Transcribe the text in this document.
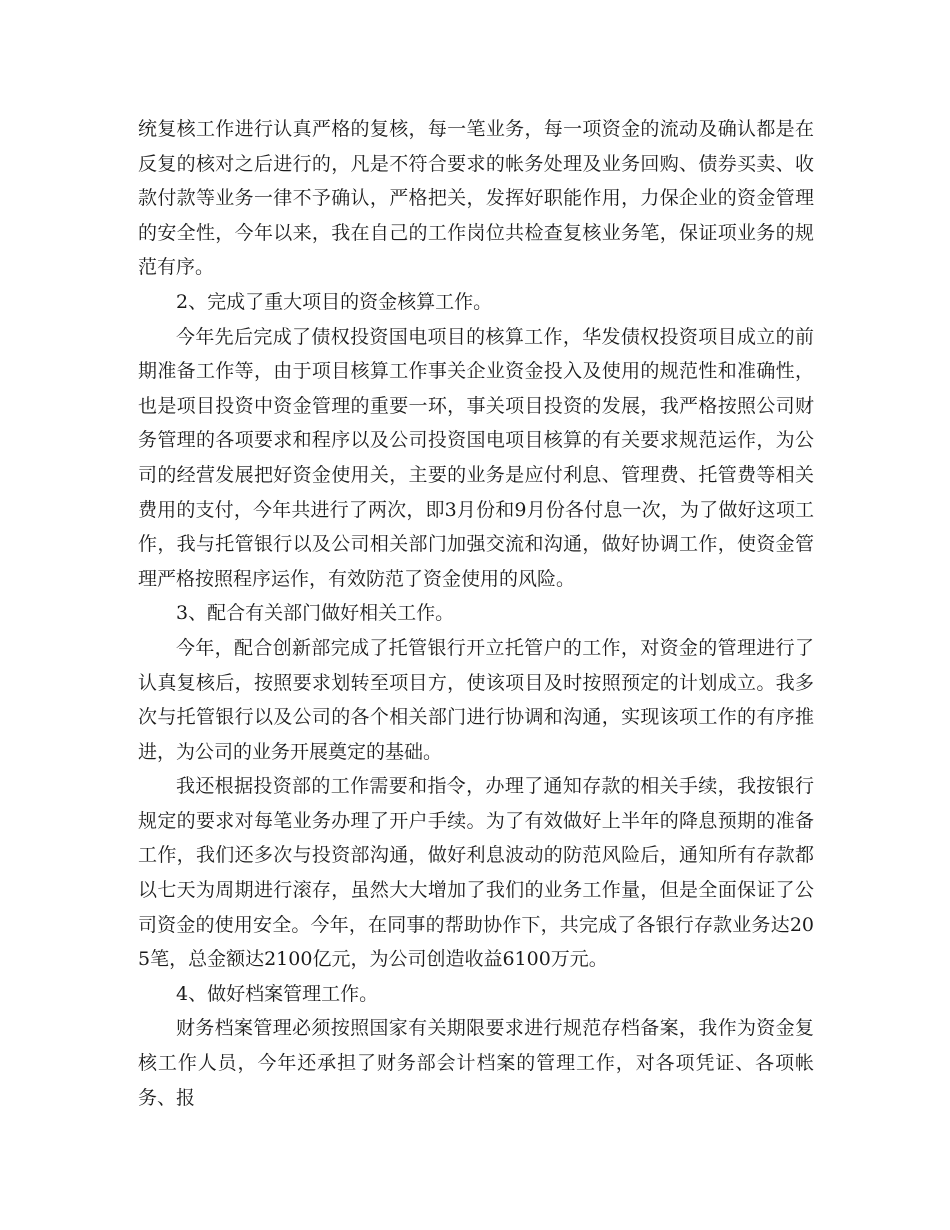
统复核工作进行认真严格的复核，每一笔业务，每一项资金的流动及确认都是在反复的核对之后进行的，凡是不符合要求的帐务处理及业务回购、债券买卖、收款付款等业务一律不予确认，严格把关，发挥好职能作用，力保企业的资金管理的安全性，今年以来，我在自己的工作岗位共检查复核业务笔，保证项业务的规范有序。

2、完成了重大项目的资金核算工作。

今年先后完成了债权投资国电项目的核算工作，华发债权投资项目成立的前期准备工作等，由于项目核算工作事关企业资金投入及使用的规范性和准确性，也是项目投资中资金管理的重要一环，事关项目投资的发展，我严格按照公司财务管理的各项要求和程序以及公司投资国电项目核算的有关要求规范运作，为公司的经营发展把好资金使用关，主要的业务是应付利息、管理费、托管费等相关费用的支付，今年共进行了两次，即3月份和9月份各付息一次，为了做好这项工作，我与托管银行以及公司相关部门加强交流和沟通，做好协调工作，使资金管理严格按照程序运作，有效防范了资金使用的风险。

3、配合有关部门做好相关工作。

今年，配合创新部完成了托管银行开立托管户的工作，对资金的管理进行了认真复核后，按照要求划转至项目方，使该项目及时按照预定的计划成立。我多次与托管银行以及公司的各个相关部门进行协调和沟通，实现该项工作的有序推进，为公司的业务开展奠定的基础。

我还根据投资部的工作需要和指令，办理了通知存款的相关手续，我按银行规定的要求对每笔业务办理了开户手续。为了有效做好上半年的降息预期的准备工作，我们还多次与投资部沟通，做好利息波动的防范风险后，通知所有存款都以七天为周期进行滚存，虽然大大增加了我们的业务工作量，但是全面保证了公司资金的使用安全。今年，在同事的帮助协作下，共完成了各银行存款业务达205笔，总金额达2100亿元，为公司创造收益6100万元。

4、做好档案管理工作。

财务档案管理必须按照国家有关期限要求进行规范存档备案，我作为资金复核工作人员，今年还承担了财务部会计档案的管理工作，对各项凭证、各项帐务、报
